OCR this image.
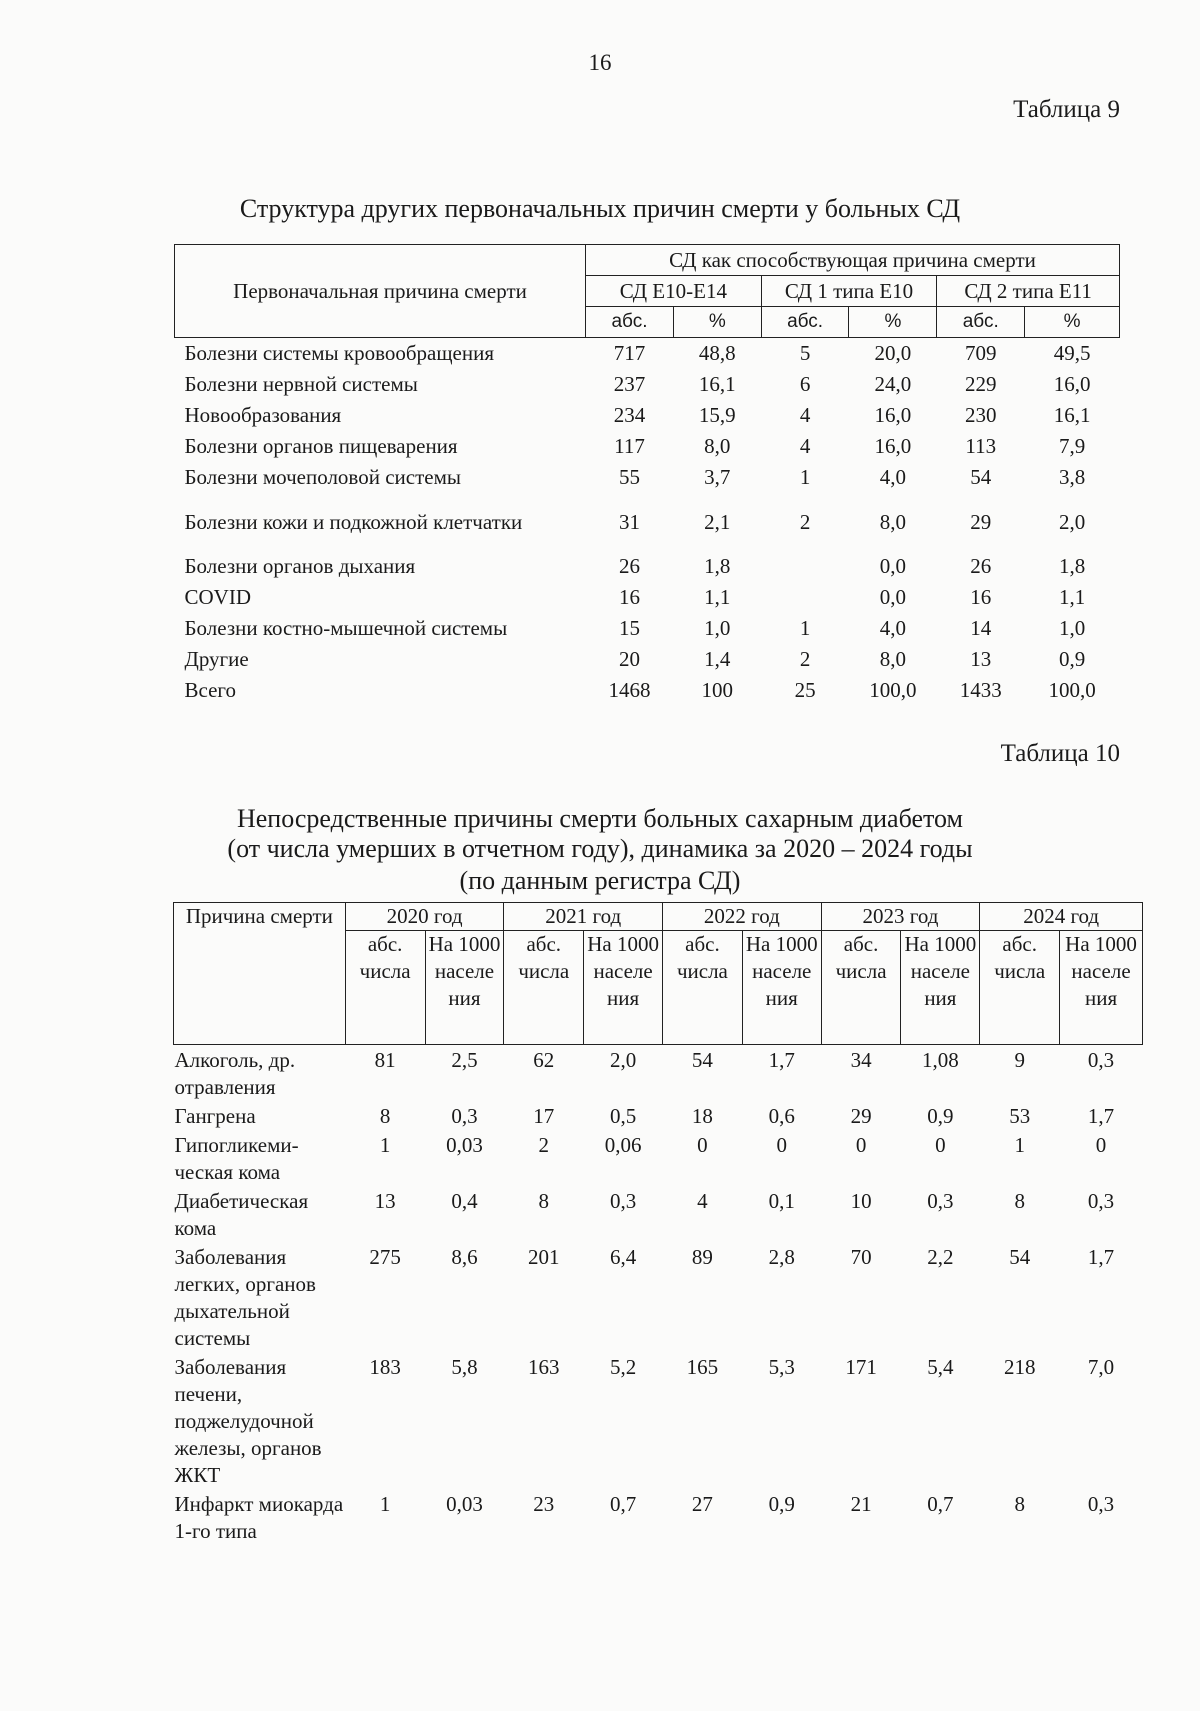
16
Таблица 9
Структура других первоначальных причин смерти у больных СД
Первоначальная причина смерти	СД как способствующая причина смерти					
	СД Е10-Е14		СД 1 типа Е10		СД 2 типа Е11	
	абс.	%	абс.	%	абс.	%
Болезни системы кровообращения	717	48,8	5	20,0	709	49,5
Болезни нервной системы	237	16,1	6	24,0	229	16,0
Новообразования	234	15,9	4	16,0	230	16,1
Болезни органов пищеварения	117	8,0	4	16,0	113	7,9
Болезни мочеполовой системы	55	3,7	1	4,0	54	3,8
Болезни кожи и подкожной клетчатки	31	2,1	2	8,0	29	2,0
Болезни органов дыхания	26	1,8		0,0	26	1,8
COVID	16	1,1		0,0	16	1,1
Болезни костно-мышечной системы	15	1,0	1	4,0	14	1,0
Другие	20	1,4	2	8,0	13	0,9
Всего	1468	100	25	100,0	1433	100,0
Таблица 10
Непосредственные причины смерти больных сахарным диабетом
(от числа умерших в отчетном году), динамика за 2020 – 2024 годы
(по данным регистра СД)
Причина смерти	2020 год		2021 год		2022 год		2023 год		2024 год	
	абс. числа	На 1000 населе ния	абс. числа	На 1000 населе ния	абс. числа	На 1000 населе ния	абс. числа	На 1000 населе ния	абс. числа	На 1000 населе ния
Алкоголь, др. отравления	81	2,5	62	2,0	54	1,7	34	1,08	9	0,3
Гангрена	8	0,3	17	0,5	18	0,6	29	0,9	53	1,7
Гипогликеми-ческая кома	1	0,03	2	0,06	0	0	0	0	1	0
Диабетическая кома	13	0,4	8	0,3	4	0,1	10	0,3	8	0,3
Заболевания легких, органов дыхательной системы	275	8,6	201	6,4	89	2,8	70	2,2	54	1,7
Заболевания печени, поджелудочной железы, органов ЖКТ	183	5,8	163	5,2	165	5,3	171	5,4	218	7,0
Инфаркт миокарда 1-го типа	1	0,03	23	0,7	27	0,9	21	0,7	8	0,3
